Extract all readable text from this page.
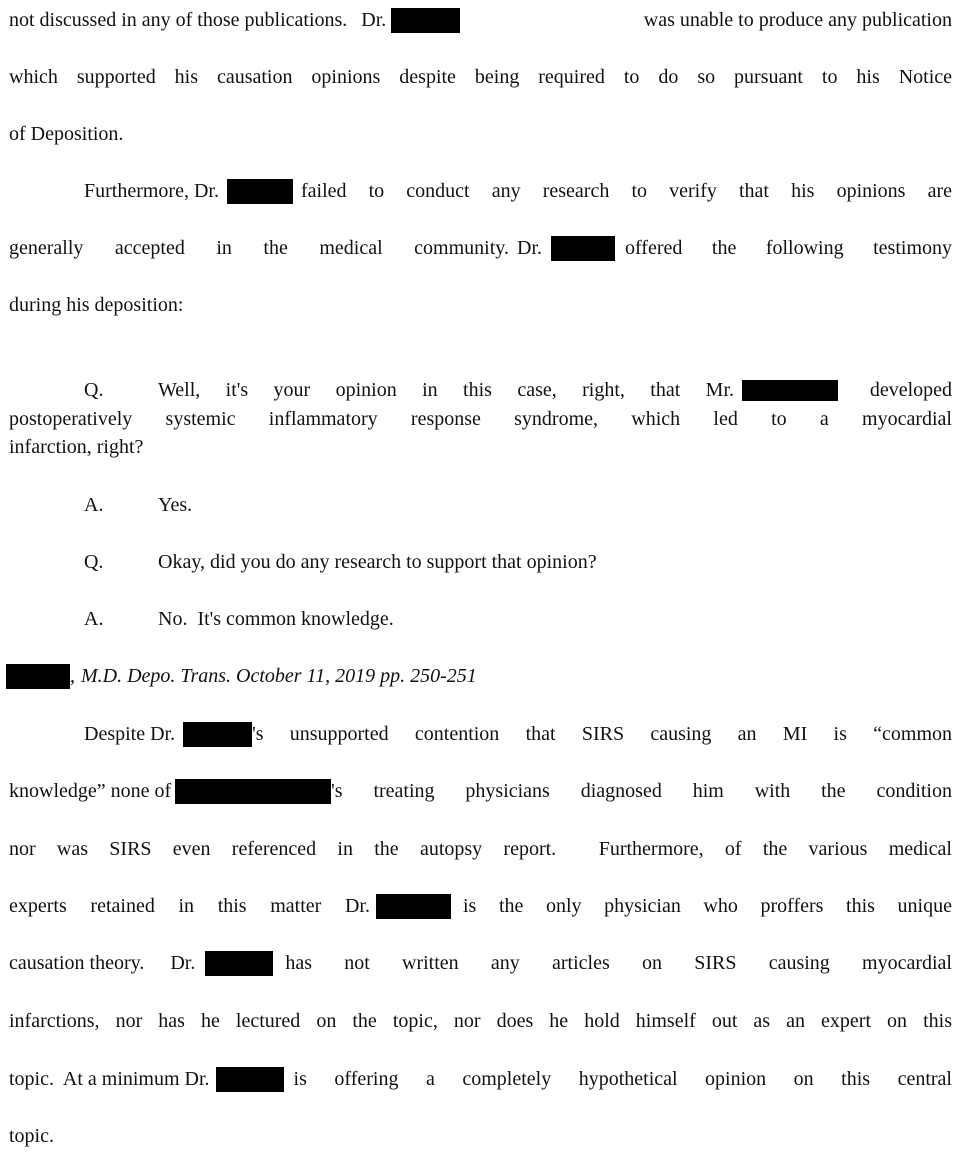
not discussed in any of those publications. Dr.	was unable to produce any publication
which supported his causation opinions despite being required to do so pursuant to his Notice
of Deposition.
Furthermore, Dr.	failed to conduct any research to verify that his opinions are
generally accepted in the medical community. Dr.	offered the following testimony
during his deposition:
Q.	Well, it's your opinion in this case, right, that Mr.	developed
postoperatively systemic inflammatory response syndrome, which led to a myocardial
infarction, right?
A.	Yes.
Q.	Okay, did you do any research to support that opinion?
A.	No.  It's common knowledge.
, M.D. Depo. Trans. October 11, 2019 pp. 250-251
Despite Dr.	's unsupported contention that SIRS causing an MI is “common
knowledge” none of	's treating physicians diagnosed him with the condition
nor was SIRS even referenced in the autopsy report.  Furthermore, of the various medical
experts retained in this matter Dr.	is the only physician who proffers this unique
causation theory. Dr.	has not written any articles on SIRS causing myocardial
infarctions, nor has he lectured on the topic, nor does he hold himself out as an expert on this
topic.  At a minimum Dr.	is offering a completely hypothetical opinion on this central
topic.
